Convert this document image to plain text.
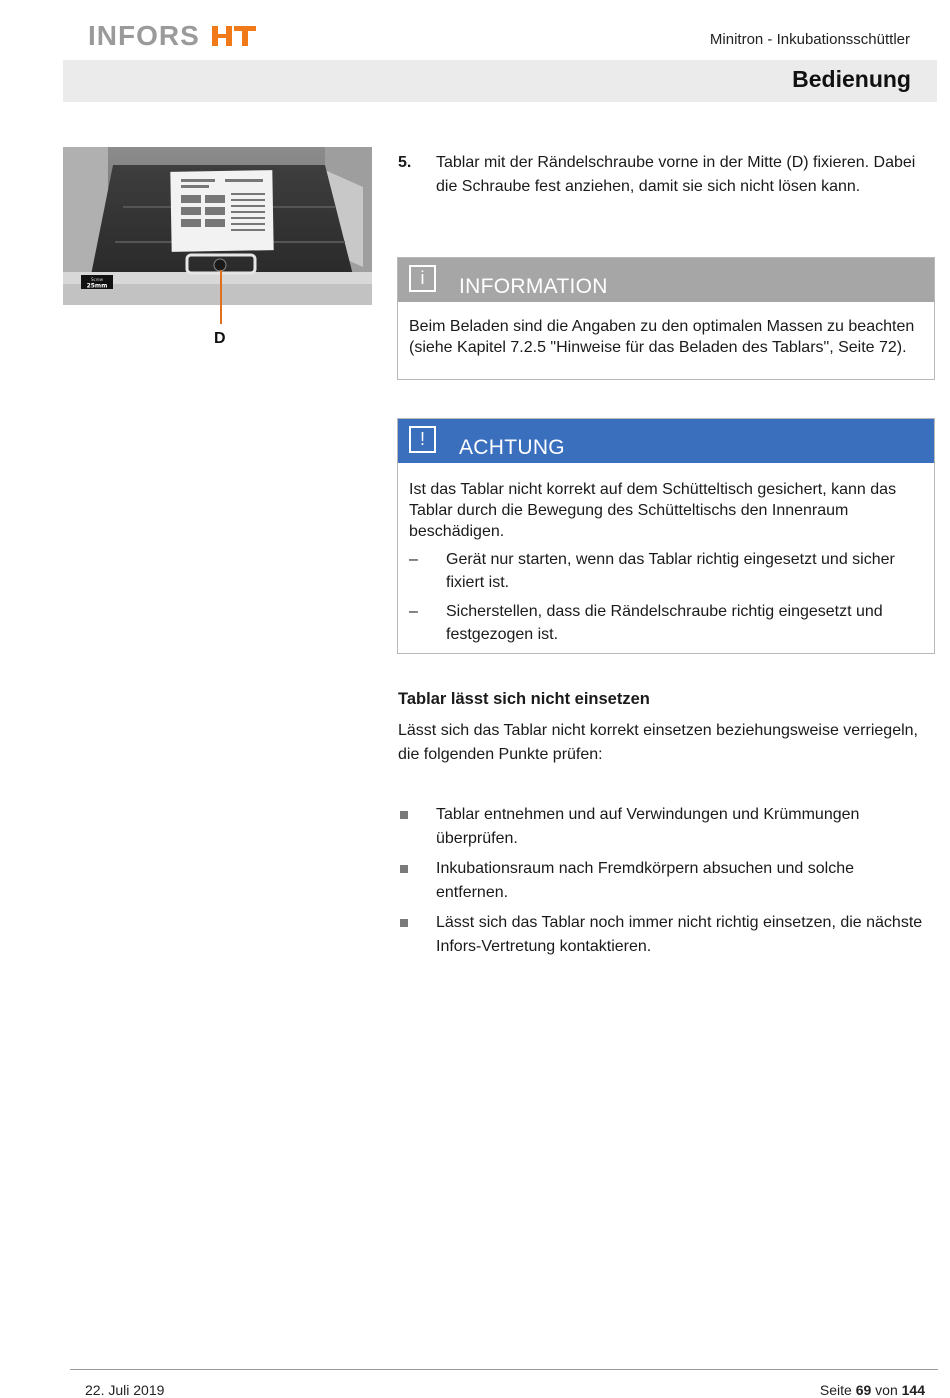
INFORS	Minitron - Inkubationsschüttler
Bedienung
Screw
25mm
D
5. Tablar mit der Rändelschraube vorne in der Mitte (D) fixieren. Dabei die Schraube fest anziehen, damit sie sich nicht lösen kann.
i	INFORMATION
Beim Beladen sind die Angaben zu den optimalen Massen zu beachten (siehe Kapitel 7.2.5 "Hinweise für das Beladen des Tablars", Seite 72).
!	ACHTUNG
Ist das Tablar nicht korrekt auf dem Schütteltisch gesichert, kann das Tablar durch die Bewegung des Schütteltischs den Innenraum beschädigen.
– Gerät nur starten, wenn das Tablar richtig eingesetzt und sicher fixiert ist.
– Sicherstellen, dass die Rändelschraube richtig eingesetzt und festgezogen ist.
Tablar lässt sich nicht einsetzen
Lässt sich das Tablar nicht korrekt einsetzen beziehungsweise verriegeln, die folgenden Punkte prüfen:
Tablar entnehmen und auf Verwindungen und Krümmungen überprüfen.
Inkubationsraum nach Fremdkörpern absuchen und solche entfernen.
Lässt sich das Tablar noch immer nicht richtig einsetzen, die nächste Infors-Vertretung kontaktieren.
22. Juli 2019	Seite 69 von 144
